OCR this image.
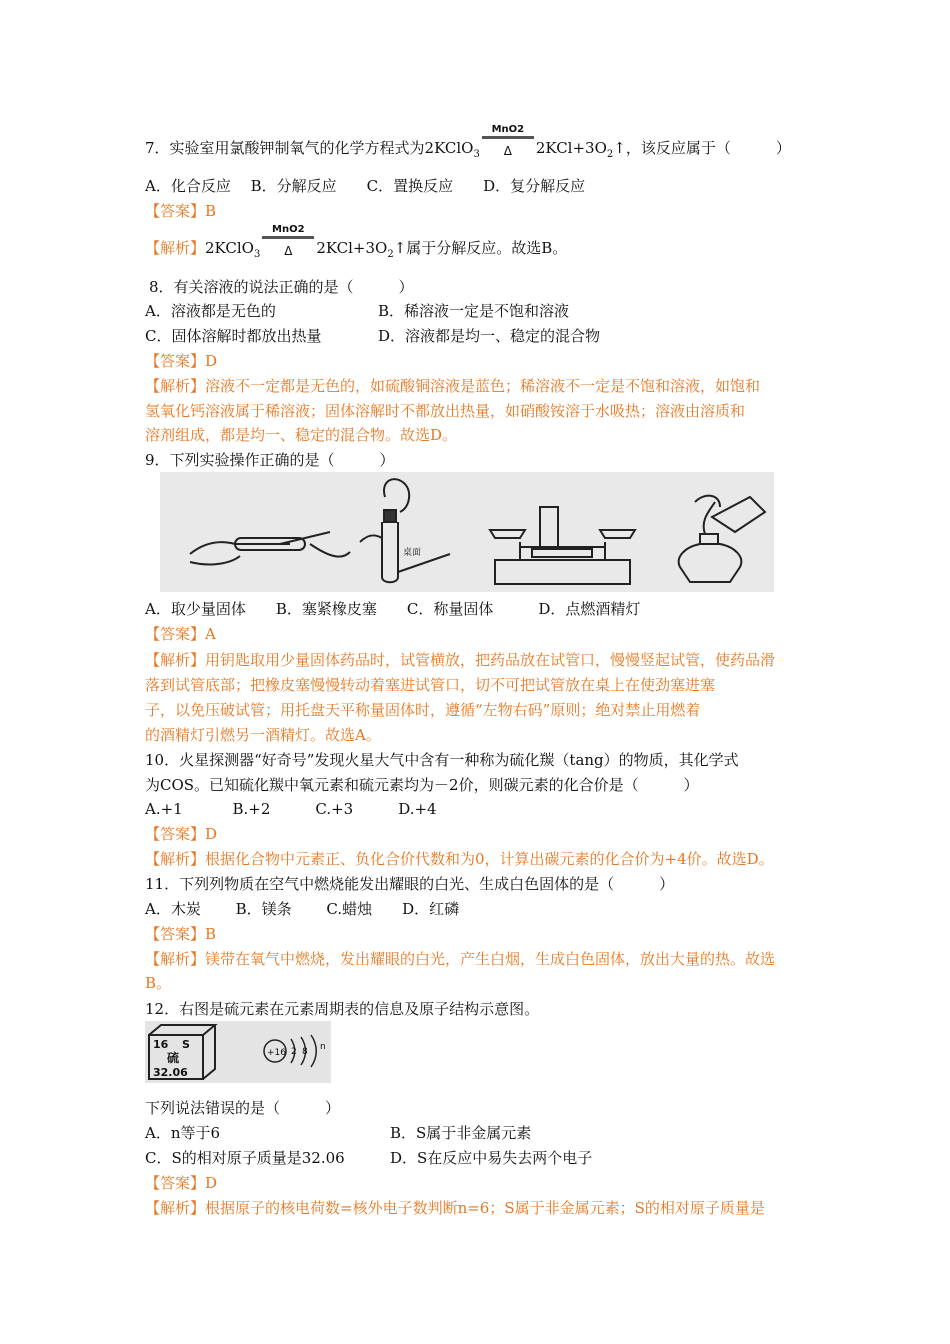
7．实验室用氯酸钾制氧气的化学方程式为2KClO$_3$
MnO2
Δ	$2KCl+3O_2↑$，该反应属于（　　　）
A．化合反应　 B．分解反应　　C．置换反应　　D．复分解反应
【答案】B
【解析】2KClO$_3$
MnO2
Δ	$2KCl+3O_2↑$属于分解反应。故选B。
8．有关溶液的说法正确的是（　　　）
A．溶液都是无色的	B．稀溶液一定是不饱和溶液
C．固体溶解时都放出热量	D．溶液都是均一、稳定的混合物
【答案】D
【解析】溶液不一定都是无色的，如硫酸铜溶液是蓝色；稀溶液不一定是不饱和溶液，如饱和
氢氧化钙溶液属于稀溶液；固体溶解时不都放出热量，如硝酸铵溶于水吸热；溶液由溶质和
溶剂组成，都是均一、稳定的混合物。故选D。
9．下列实验操作正确的是（　　　）
桌面
A．取少量固体　　B．塞紧橡皮塞　　C．称量固体　　　D．点燃酒精灯
【答案】A
【解析】用钥匙取用少量固体药品时，试管横放，把药品放在试管口，慢慢竖起试管，使药品滑
落到试管底部；把橡皮塞慢慢转动着塞进试管口，切不可把试管放在桌上在使劲塞进塞
子，以免压破试管；用托盘天平称量固体时，遵循“左物右码”原则；绝对禁止用燃着
的酒精灯引燃另一酒精灯。故选A。
10．火星探测器“好奇号”发现火星大气中含有一种称为硫化羰（tang）的物质，其化学式
为COS。已知硫化羰中氧元素和硫元素均为－2价，则碳元素的化合价是（　　　）
A.+1　　　 B.+2　　　C.+3　　　D.+4
【答案】D
【解析】根据化合物中元素正、负化合价代数和为0，计算出碳元素的化合价为+4价。故选D。
11．下列列物质在空气中燃烧能发出耀眼的白光、生成白色固体的是（　　　）
A．木炭　　 B．镁条　　 C.蜡烛　　D．红磷
【答案】B
【解析】镁带在氧气中燃烧，发出耀眼的白光，产生白烟，生成白色固体，放出大量的热。故选
B。
12．右图是硫元素在元素周期表的信息及原子结构示意图。
16 S
硫
32.06
+16 2 8 n
下列说法错误的是（　　　）
A．n等于6	B．S属于非金属元素
C．S的相对原子质量是32.06	D．S在反应中易失去两个电子
【答案】D
【解析】根据原子的核电荷数=核外电子数判断n=6；S属于非金属元素；S的相对原子质量是
